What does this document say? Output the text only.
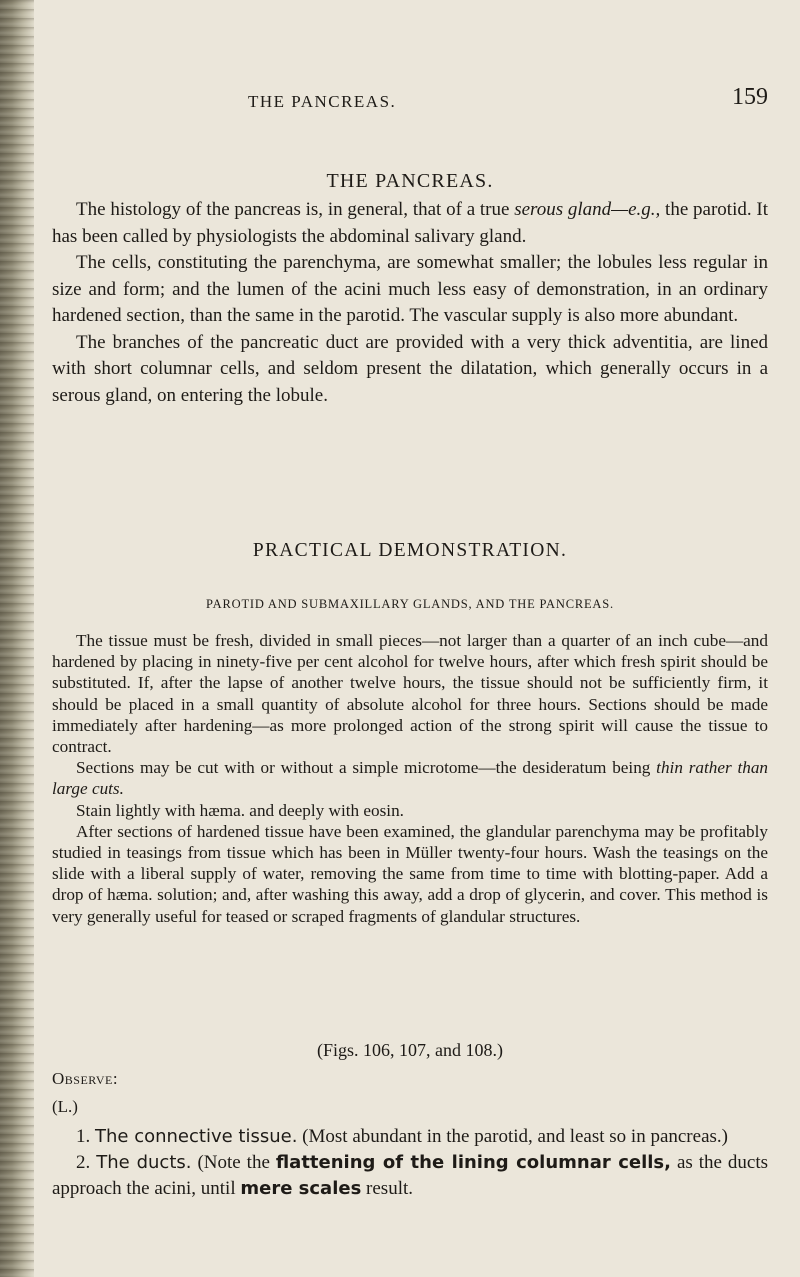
THE PANCREAS.	159
THE PANCREAS.

The histology of the pancreas is, in general, that of a true serous gland—e.g., the parotid. It has been called by physiologists the abdominal salivary gland.

The cells, constituting the parenchyma, are somewhat smaller; the lobules less regular in size and form; and the lumen of the acini much less easy of demonstration, in an ordinary hardened section, than the same in the parotid. The vascular supply is also more abundant.

The branches of the pancreatic duct are provided with a very thick adventitia, are lined with short columnar cells, and seldom present the dilatation, which generally occurs in a serous gland, on entering the lobule.

PRACTICAL DEMONSTRATION.
PAROTID AND SUBMAXILLARY GLANDS, AND THE PANCREAS.

The tissue must be fresh, divided in small pieces—not larger than a quarter of an inch cube—and hardened by placing in ninety-five per cent alcohol for twelve hours, after which fresh spirit should be substituted. If, after the lapse of another twelve hours, the tissue should not be sufficiently firm, it should be placed in a small quantity of absolute alcohol for three hours. Sections should be made immediately after hardening—as more prolonged action of the strong spirit will cause the tissue to contract.

Sections may be cut with or without a simple microtome—the desideratum being thin rather than large cuts.

Stain lightly with hæma. and deeply with eosin.

After sections of hardened tissue have been examined, the glandular parenchyma may be profitably studied in teasings from tissue which has been in Müller twenty-four hours. Wash the teasings on the slide with a liberal supply of water, removing the same from time to time with blotting-paper. Add a drop of hæma. solution; and, after washing this away, add a drop of glycerin, and cover. This method is very generally useful for teased or scraped fragments of glandular structures.

(Figs. 106, 107, and 108.)
Observe:
(L.)

1. The connective tissue. (Most abundant in the parotid, and least so in pancreas.)

2. The ducts. (Note the flattening of the lining columnar cells, as the ducts approach the acini, until mere scales result.
